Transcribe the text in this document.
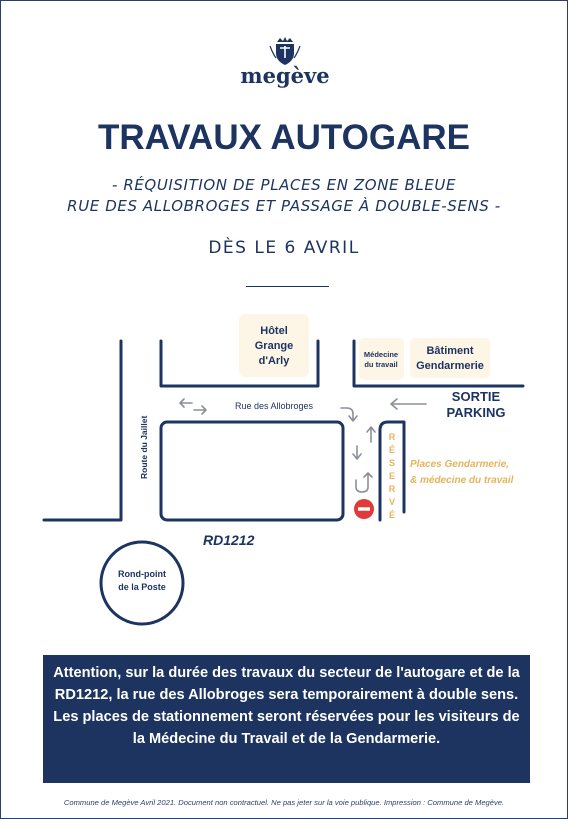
megève
TRAVAUX AUTOGARE
- RÉQUISITION DE PLACES EN ZONE BLEUE
RUE DES ALLOBROGES ET PASSAGE À DOUBLE-SENS -
DÈS LE 6 AVRIL
Hôtel
Grange
d'Arly
Médecine
du travail
Bâtiment
Gendarmerie
SORTIE
PARKING
Rue des Allobroges
Rond-point
de la Poste
Route du Jaillet
RD1212
R
É
S
E
R
V
É
Places Gendarmerie,
& médecine du travail
Attention, sur la durée des travaux du secteur de l'autogare et de la RD1212, la rue des Allobroges sera temporairement à double sens. Les places de stationnement seront réservées pour les visiteurs de la Médecine du Travail et de la Gendarmerie.
Commune de Megève Avril 2021. Document non contractuel. Ne pas jeter sur la voie publique. Impression : Commune de Megève.
